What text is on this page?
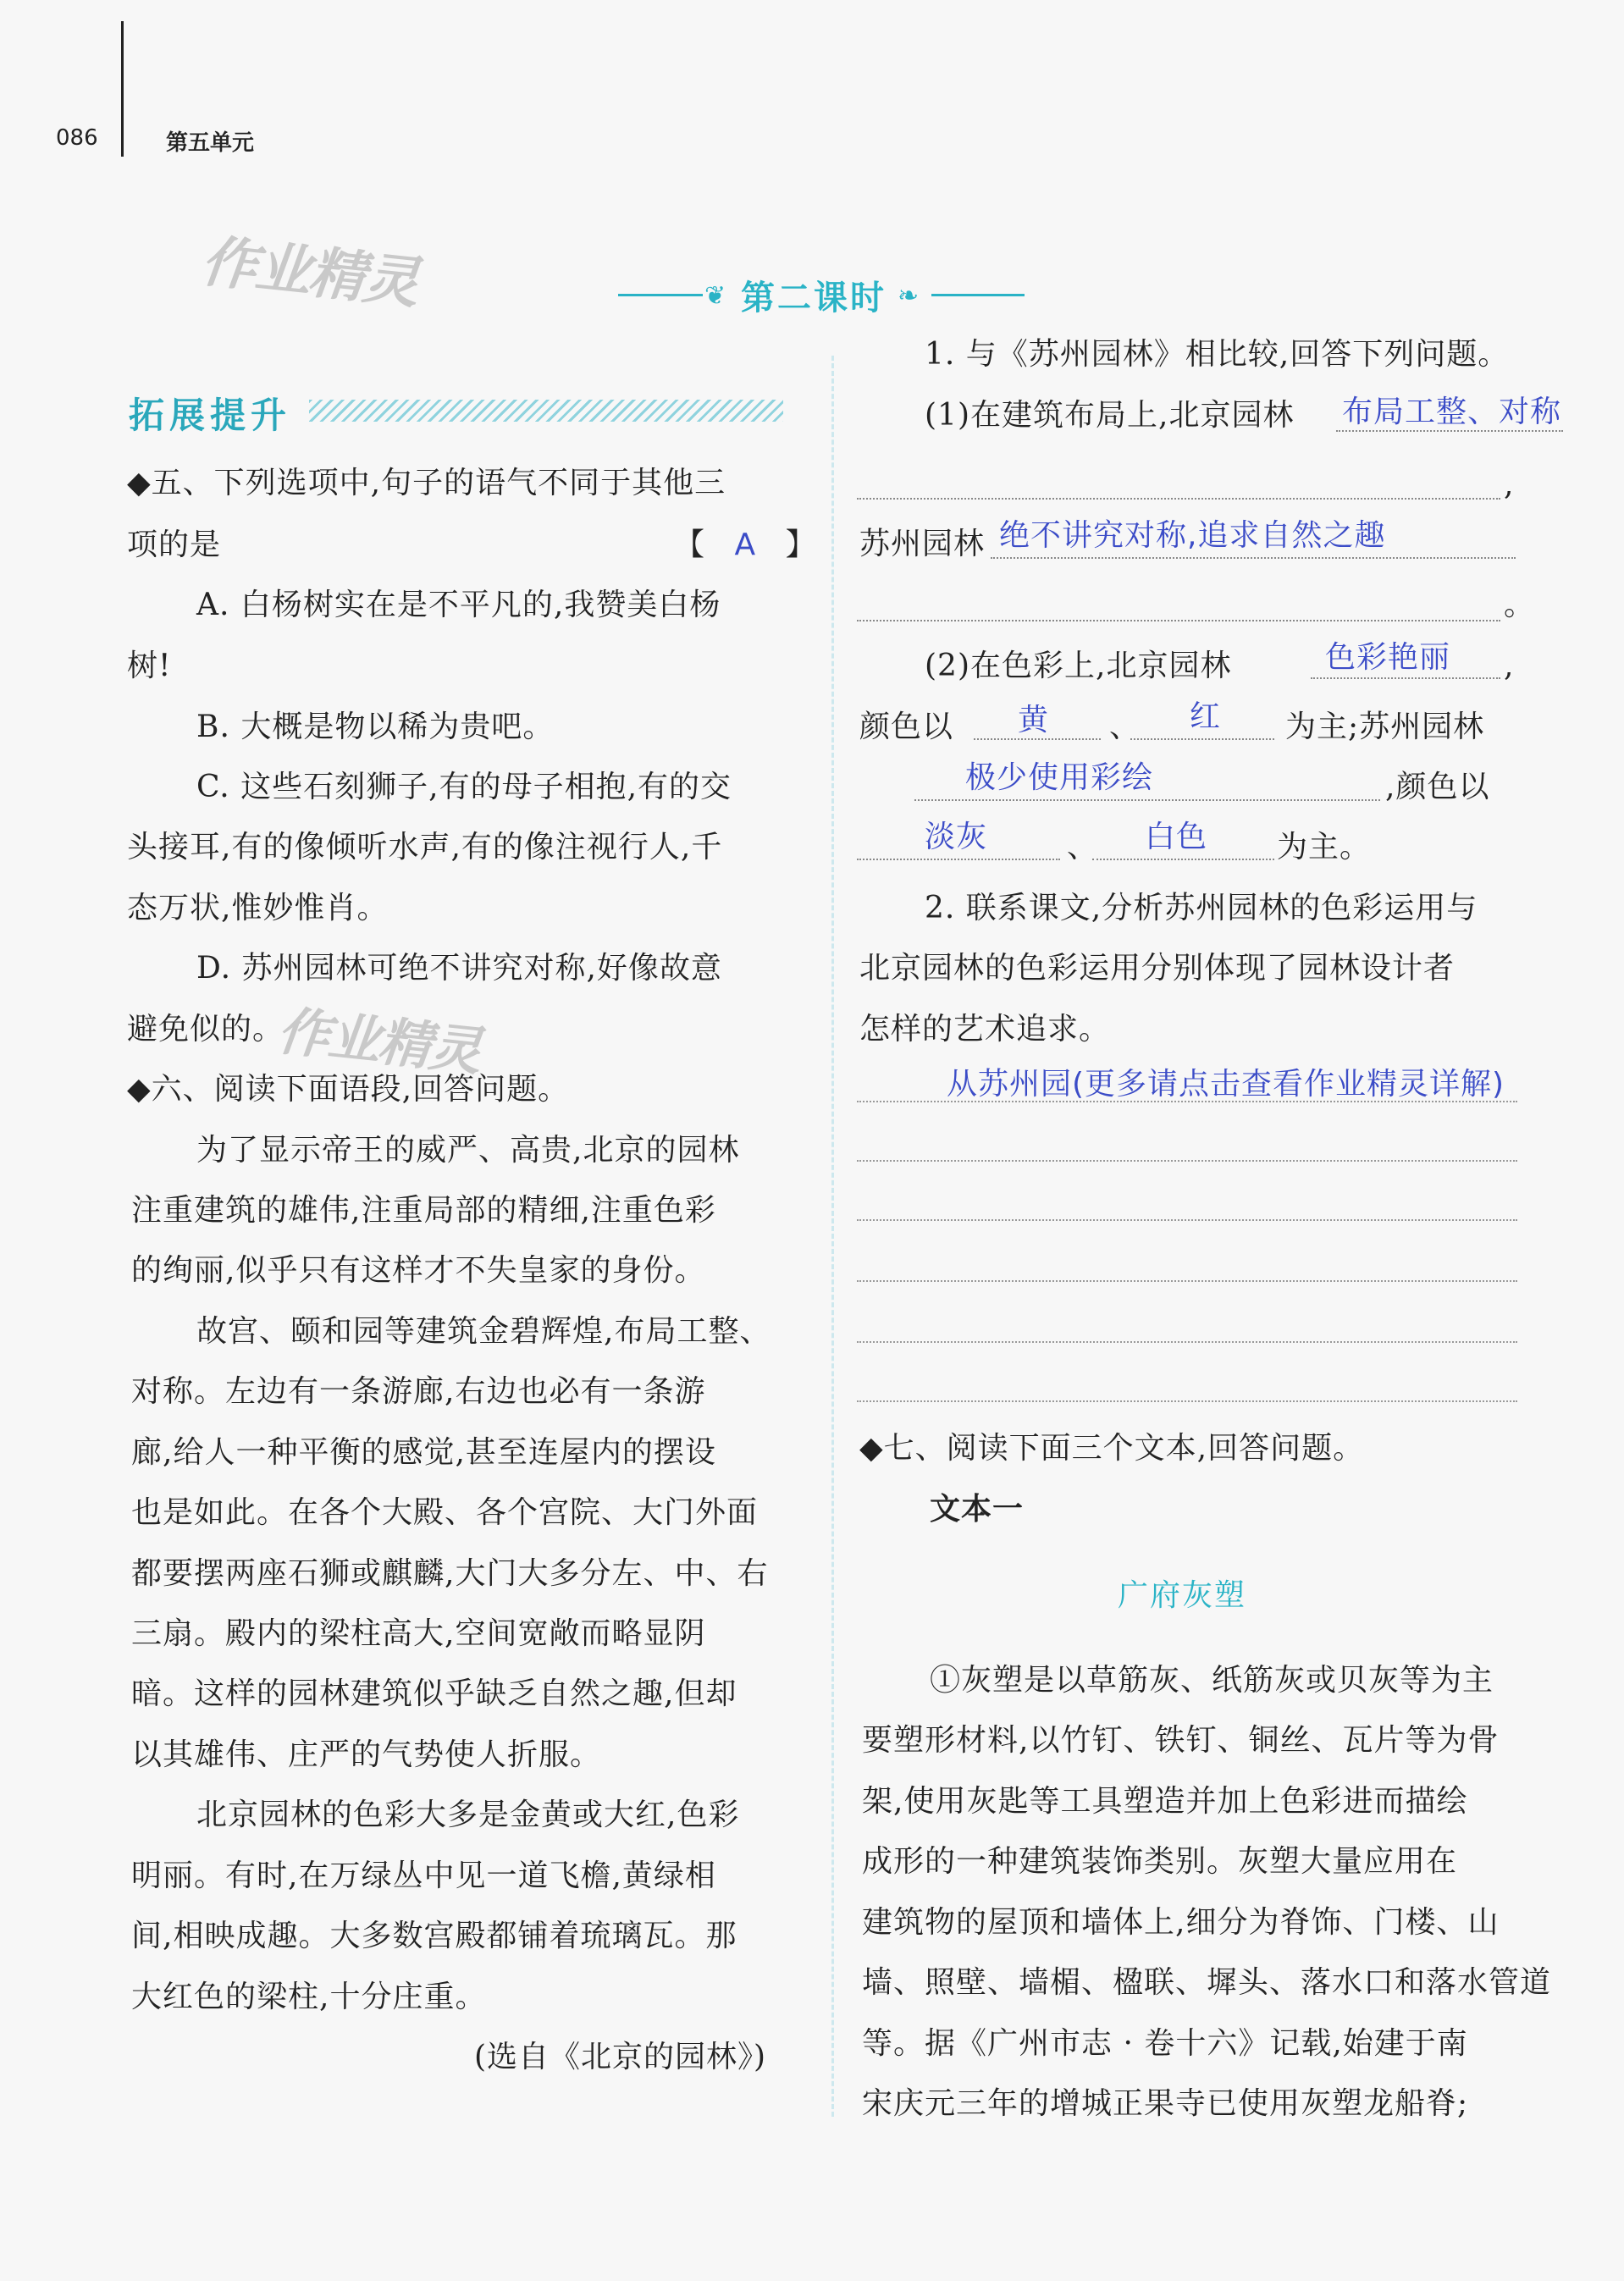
086	第五单元
作业精灵
作业精灵
❦ 第二课时 ❧
拓展提升
◆五、下列选项中,句子的语气不同于其他三
项的是	【 A 】
A. 白杨树实在是不平凡的,我赞美白杨
树!
B. 大概是物以稀为贵吧。
C. 这些石刻狮子,有的母子相抱,有的交
头接耳,有的像倾听水声,有的像注视行人,千
态万状,惟妙惟肖。
D. 苏州园林可绝不讲究对称,好像故意
避免似的。
◆六、阅读下面语段,回答问题。
为了显示帝王的威严、高贵,北京的园林
注重建筑的雄伟,注重局部的精细,注重色彩
的绚丽,似乎只有这样才不失皇家的身份。
故宫、颐和园等建筑金碧辉煌,布局工整、
对称。左边有一条游廊,右边也必有一条游
廊,给人一种平衡的感觉,甚至连屋内的摆设
也是如此。在各个大殿、各个宫院、大门外面
都要摆两座石狮或麒麟,大门大多分左、中、右
三扇。殿内的梁柱高大,空间宽敞而略显阴
暗。这样的园林建筑似乎缺乏自然之趣,但却
以其雄伟、庄严的气势使人折服。
北京园林的色彩大多是金黄或大红,色彩
明丽。有时,在万绿丛中见一道飞檐,黄绿相
间,相映成趣。大多数宫殿都铺着琉璃瓦。那
大红色的梁柱,十分庄重。
(选自《北京的园林》)
1. 与《苏州园林》相比较,回答下列问题。
(1)在建筑布局上,北京园林 布局工整、对称
,
苏州园林 绝不讲究对称,追求自然之趣
。
(2)在色彩上,北京园林	色彩艳丽 ,
颜色以 黄 、 红 为主;苏州园林
极少使用彩绘	,颜色以
淡灰	、 白色 为主。
2. 联系课文,分析苏州园林的色彩运用与
北京园林的色彩运用分别体现了园林设计者
怎样的艺术追求。
从苏州园(更多请点击查看作业精灵详解)
◆七、阅读下面三个文本,回答问题。
文本一
广府灰塑
①灰塑是以草筋灰、纸筋灰或贝灰等为主
要塑形材料,以竹钉、铁钉、铜丝、瓦片等为骨
架,使用灰匙等工具塑造并加上色彩进而描绘
成形的一种建筑装饰类别。灰塑大量应用在
建筑物的屋顶和墙体上,细分为脊饰、门楼、山
墙、照壁、墙楣、楹联、墀头、落水口和落水管道
等。据《广州市志 · 卷十六》记载,始建于南
宋庆元三年的增城正果寺已使用灰塑龙船脊;
